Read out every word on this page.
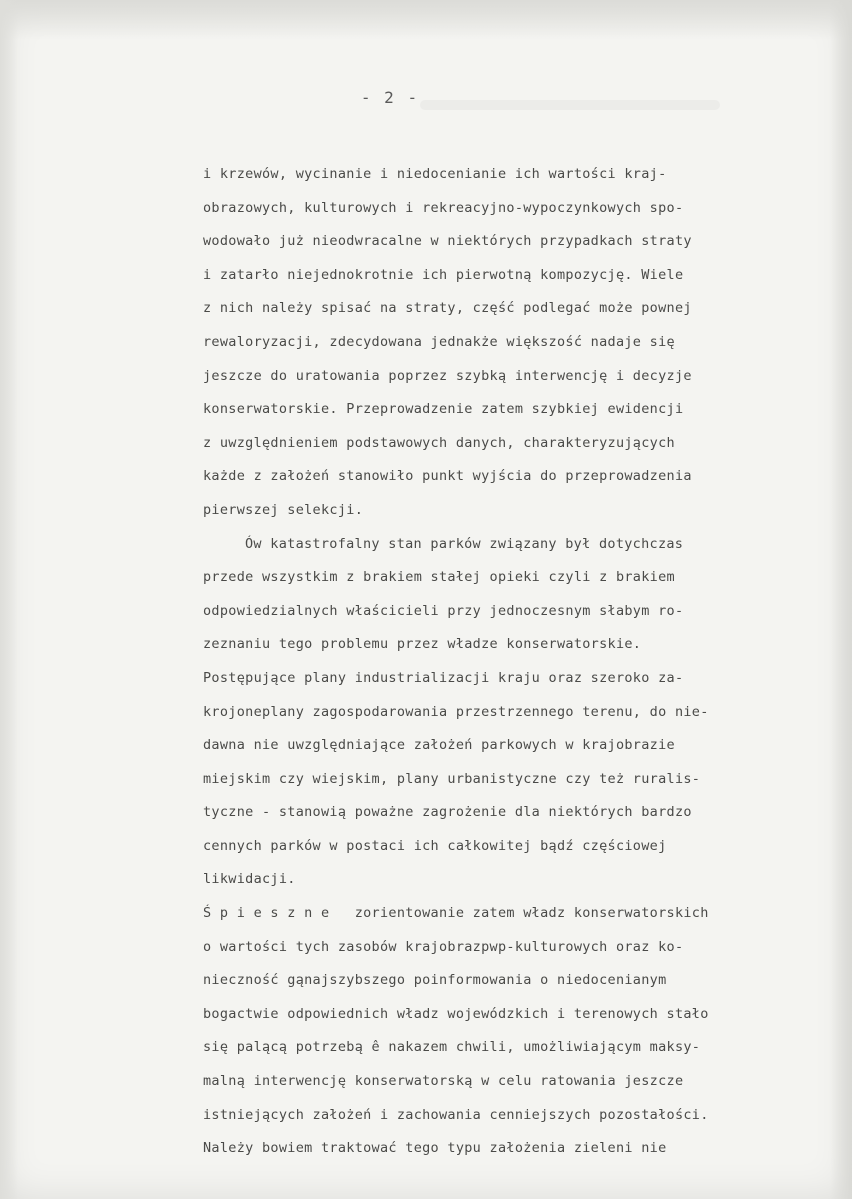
- 2 -
i krzewów, wycinanie i niedocenianie ich wartości kraj-
obrazowych, kulturowych i rekreacyjno-wypoczynkowych spo-
wodowało już nieodwracalne w niektórych przypadkach straty
i zatarło niejednokrotnie ich pierwotną kompozycję. Wiele
z nich należy spisać na straty, część podlegać może pownej
rewaloryzacji, zdecydowana jednakże większość nadaje się
jeszcze do uratowania poprzez szybką interwencję i decyzje
konserwatorskie. Przeprowadzenie zatem szybkiej ewidencji
z uwzględnieniem podstawowych danych, charakteryzujących
każde z założeń stanowiło punkt wyjścia do przeprowadzenia
pierwszej selekcji.
Ów katastrofalny stan parków związany był dotychczas
przede wszystkim z brakiem stałej opieki czyli z brakiem
odpowiedzialnych właścicieli przy jednoczesnym słabym ro-
zeznaniu tego problemu przez władze konserwatorskie.
Postępujące plany industrializacji kraju oraz szeroko za-
krojoneplany zagospodarowania przestrzennego terenu, do nie-
dawna nie uwzględniające założeń parkowych w krajobrazie
miejskim czy wiejskim, plany urbanistyczne czy też ruralis-
tyczne - stanowią poważne zagrożenie dla niektórych bardzo
cennych parków w postaci ich całkowitej bądź częściowej
likwidacji.
Ś p i e s z n e   zorientowanie zatem władz konserwatorskich
o wartości tych zasobów krajobrazpwp-kulturowych oraz ko-
nieczność gąnajszybszego poinformowania o niedocenianym
bogactwie odpowiednich władz wojewódzkich i terenowych stało
się palącą potrzebą ê nakazem chwili, umożliwiającym maksy-
malną interwencję konserwatorską w celu ratowania jeszcze
istniejących założeń i zachowania cenniejszych pozostałości.
Należy bowiem traktować tego typu założenia zieleni nie
